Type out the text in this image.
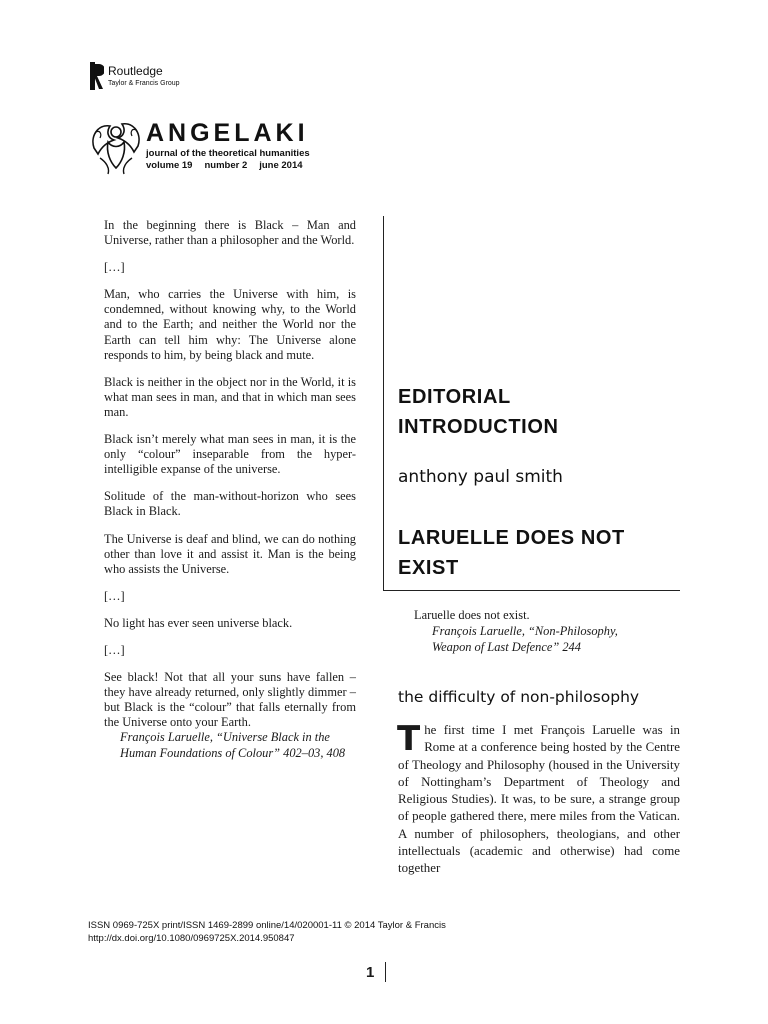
Routledge
Taylor & Francis Group
ANGELAKI
journal of the theoretical humanities
volume 19 number 2 june 2014

In the beginning there is Black – Man and Universe, rather than a philosopher and the World.

[…]

Man, who carries the Universe with him, is condemned, without knowing why, to the World and to the Earth; and neither the World nor the Earth can tell him why: The Universe alone responds to him, by being black and mute.

Black is neither in the object nor in the World, it is what man sees in man, and that in which man sees man.

Black isn’t merely what man sees in man, it is the only “colour” inseparable from the hyper-intelligible expanse of the universe.

Solitude of the man-without-horizon who sees Black in Black.

The Universe is deaf and blind, we can do nothing other than love it and assist it. Man is the being who assists the Universe.

[…]

No light has ever seen universe black.

[…]

See black! Not that all your suns have fallen – they have already returned, only slightly dimmer – but Black is the “colour” that falls eternally from the Universe onto your Earth.

François Laruelle, “Universe Black in the Human Foundations of Colour” 402–03, 408

EDITORIAL
INTRODUCTION
anthony paul smith
LARUELLE DOES NOT
EXIST
Laruelle does not exist.
François Laruelle, “Non-Philosophy,
Weapon of Last Defence” 244
the difficulty of non-philosophy
The first time I met François Laruelle was in Rome at a conference being hosted by the Centre of Theology and Philosophy (housed in the University of Nottingham’s Department of Theology and Religious Studies). It was, to be sure, a strange group of people gathered there, mere miles from the Vatican. A number of philosophers, theologians, and other intellectuals (academic and otherwise) had come together
ISSN 0969-725X print/ISSN 1469-2899 online/14/020001-11 © 2014 Taylor & Francis
http://dx.doi.org/10.1080/0969725X.2014.950847
1
